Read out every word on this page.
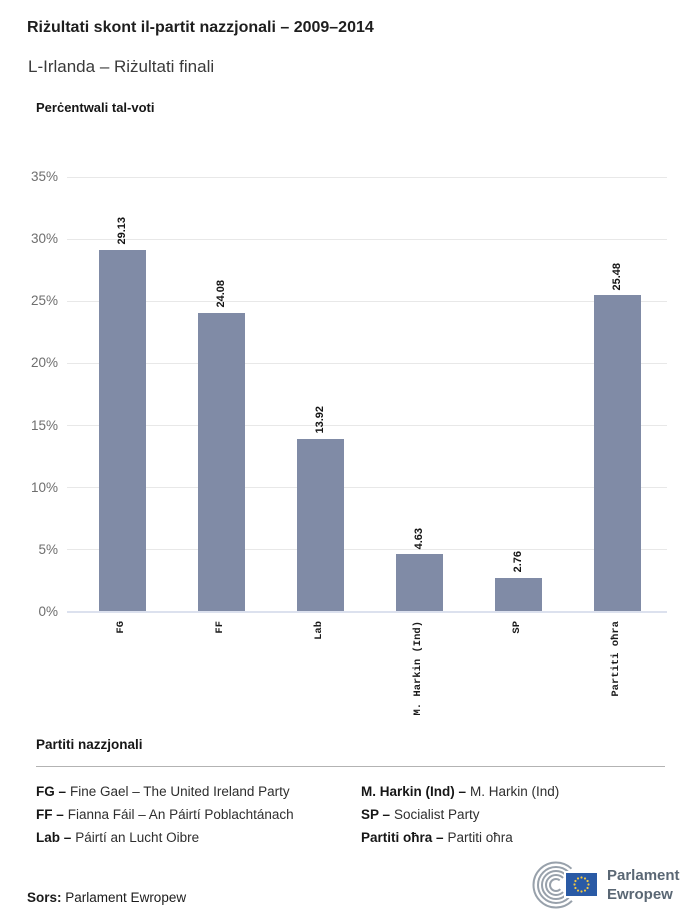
Riżultati skont il-partit nazzjonali – 2009–2014
L-Irlanda – Riżultati finali
Perċentwali tal-voti
35%
30%
25%
20%
15%
10%
5%
0%
29.13
FG
24.08
FF
13.92
Lab
4.63
M. Harkin (Ind)
2.76
SP
25.48
Partiti oħra
Partiti nazzjonali
FG – Fine Gael – The United Ireland Party
FF – Fianna Fáil – An Páirtí Poblachtánach
Lab – Páirtí an Lucht Oibre
M. Harkin (Ind) – M. Harkin (Ind)
SP – Socialist Party
Partiti oħra – Partiti oħra
Sors: Parlament Ewropew
Parlament
Ewropew
